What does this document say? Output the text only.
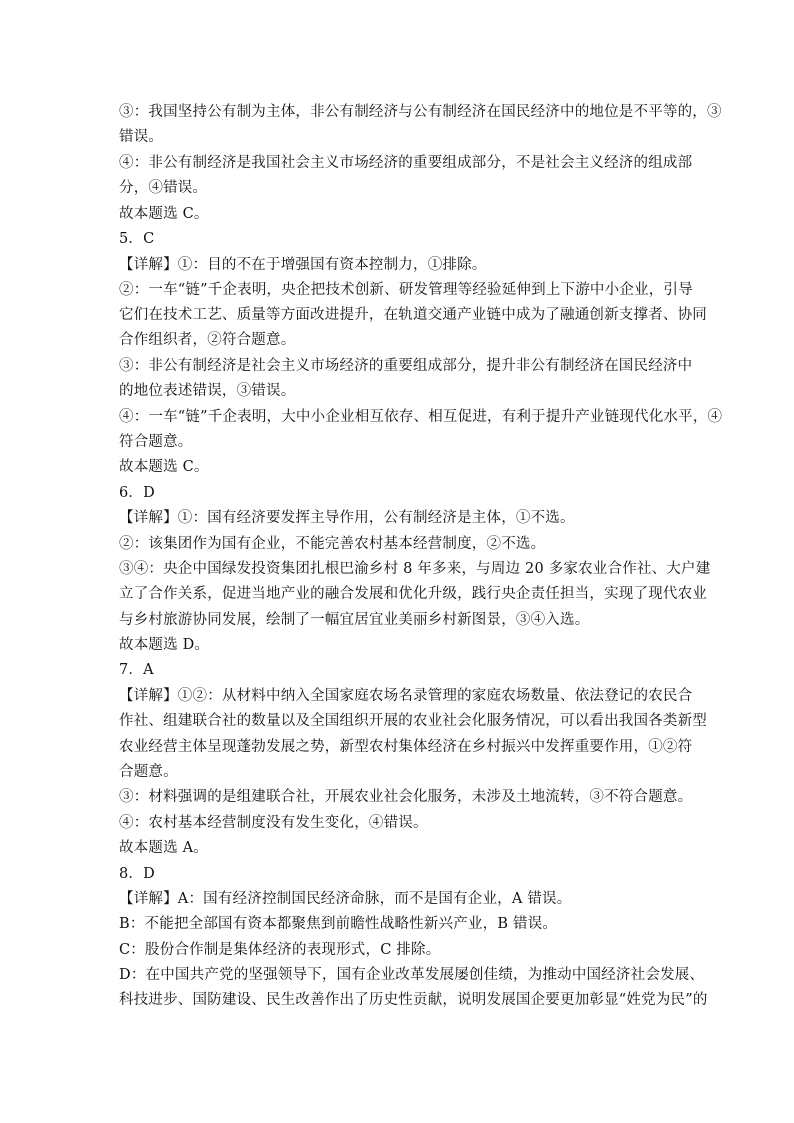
③：我国坚持公有制为主体，非公有制经济与公有制经济在国民经济中的地位是不平等的，③
错误。
④：非公有制经济是我国社会主义市场经济的重要组成部分，不是社会主义经济的组成部
分，④错误。
故本题选 C。
5．C
【详解】①：目的不在于增强国有资本控制力，①排除。
②：一车“链”千企表明，央企把技术创新、研发管理等经验延伸到上下游中小企业，引导
它们在技术工艺、质量等方面改进提升，在轨道交通产业链中成为了融通创新支撑者、协同
合作组织者，②符合题意。
③：非公有制经济是社会主义市场经济的重要组成部分，提升非公有制经济在国民经济中
的地位表述错误，③错误。
④：一车“链”千企表明，大中小企业相互依存、相互促进，有利于提升产业链现代化水平，④
符合题意。
故本题选 C。
6．D
【详解】①：国有经济要发挥主导作用，公有制经济是主体，①不选。
②：该集团作为国有企业，不能完善农村基本经营制度，②不选。
③④：央企中国绿发投资集团扎根巴渝乡村 8 年多来，与周边 20 多家农业合作社、大户建
立了合作关系，促进当地产业的融合发展和优化升级，践行央企责任担当，实现了现代农业
与乡村旅游协同发展，绘制了一幅宜居宜业美丽乡村新图景，③④入选。
故本题选 D。
7．A
【详解】①②：从材料中纳入全国家庭农场名录管理的家庭农场数量、依法登记的农民合
作社、组建联合社的数量以及全国组织开展的农业社会化服务情况，可以看出我国各类新型
农业经营主体呈现蓬勃发展之势，新型农村集体经济在乡村振兴中发挥重要作用，①②符
合题意。
③：材料强调的是组建联合社，开展农业社会化服务，未涉及土地流转，③不符合题意。
④：农村基本经营制度没有发生变化，④错误。
故本题选 A。
8．D
【详解】A：国有经济控制国民经济命脉，而不是国有企业，A 错误。
B：不能把全部国有资本都聚焦到前瞻性战略性新兴产业，B 错误。
C：股份合作制是集体经济的表现形式，C 排除。
D：在中国共产党的坚强领导下，国有企业改革发展屡创佳绩，为推动中国经济社会发展、
科技进步、国防建设、民生改善作出了历史性贡献，说明发展国企要更加彰显“姓党为民”的
